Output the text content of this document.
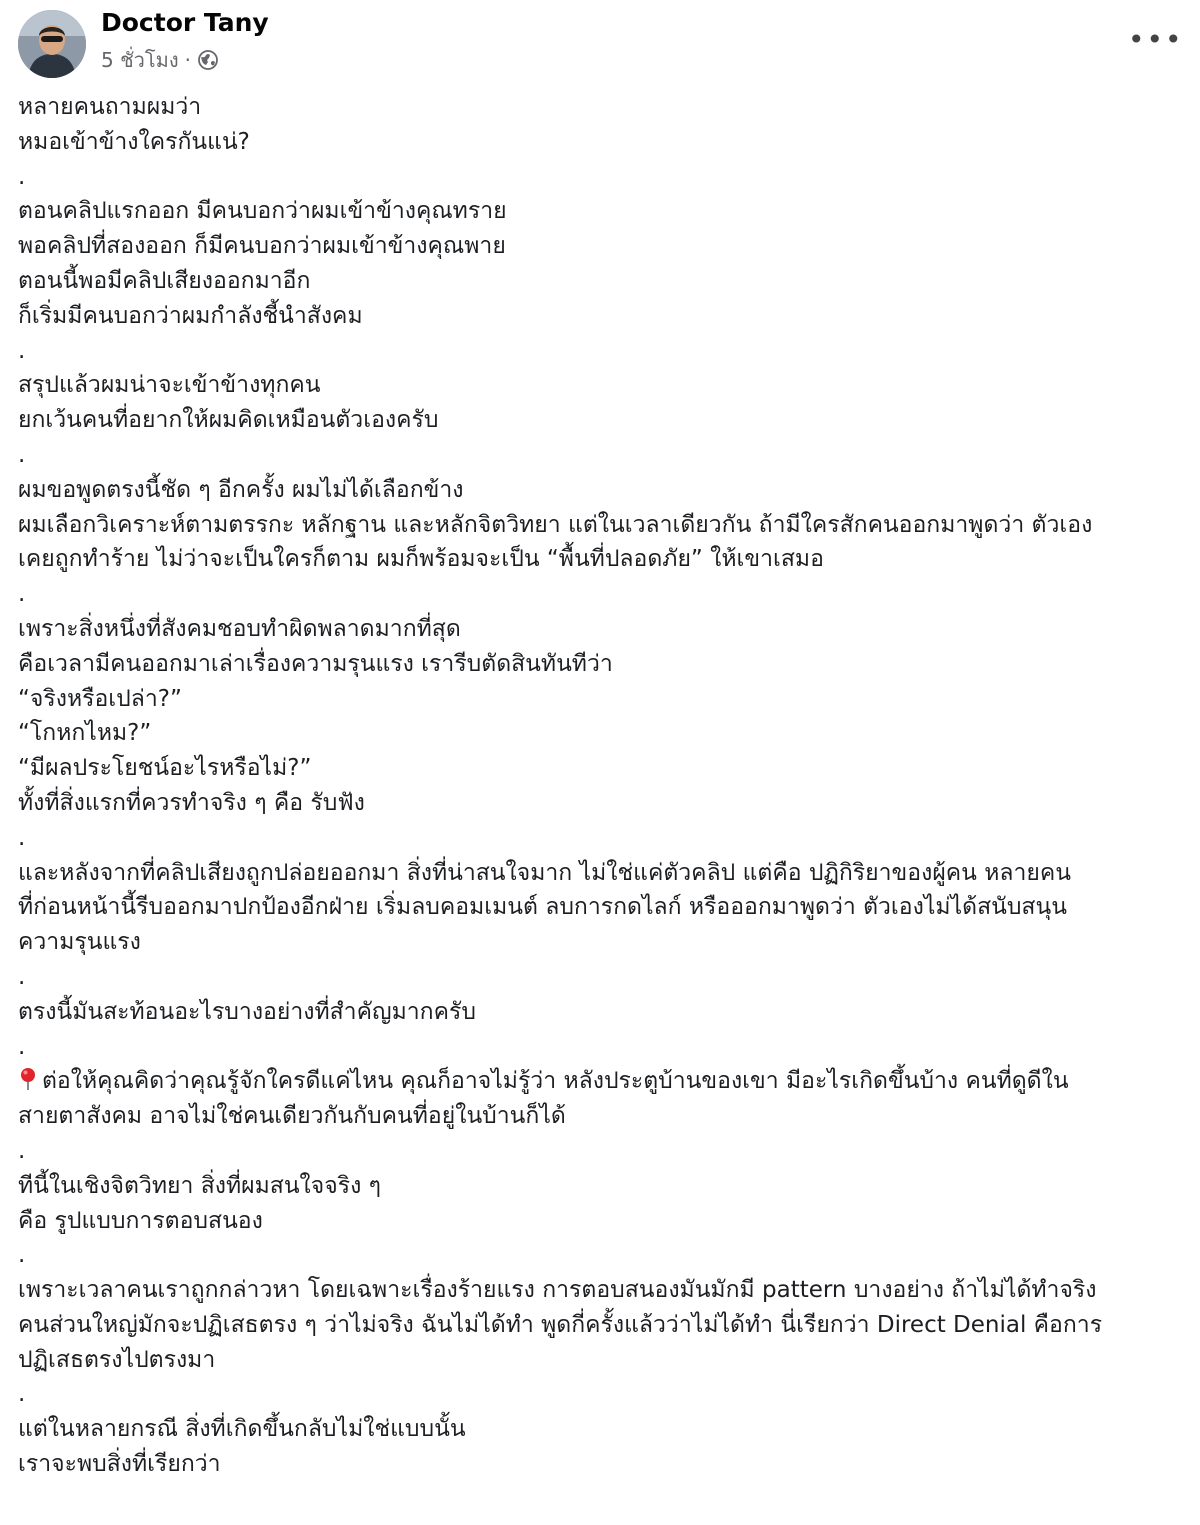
Doctor Tany
5 ชั่วโมง ·
•••

หลายคนถามผมว่า
หมอเข้าข้างใครกันแน่?
.

ตอนคลิปแรกออก มีคนบอกว่าผมเข้าข้างคุณทราย
พอคลิปที่สองออก ก็มีคนบอกว่าผมเข้าข้างคุณพาย
ตอนนี้พอมีคลิปเสียงออกมาอีก
ก็เริ่มมีคนบอกว่าผมกำลังชี้นำสังคม
.

สรุปแล้วผมน่าจะเข้าข้างทุกคน
ยกเว้นคนที่อยากให้ผมคิดเหมือนตัวเองครับ
.

ผมขอพูดตรงนี้ชัด ๆ อีกครั้ง ผมไม่ได้เลือกข้าง
ผมเลือกวิเคราะห์ตามตรรกะ หลักฐาน และหลักจิตวิทยา แต่ในเวลาเดียวกัน ถ้ามีใครสักคนออกมาพูดว่า ตัวเอง
เคยถูกทำร้าย ไม่ว่าจะเป็นใครก็ตาม ผมก็พร้อมจะเป็น “พื้นที่ปลอดภัย” ให้เขาเสมอ
.

เพราะสิ่งหนึ่งที่สังคมชอบทำผิดพลาดมากที่สุด
คือเวลามีคนออกมาเล่าเรื่องความรุนแรง เรารีบตัดสินทันทีว่า
“จริงหรือเปล่า?”
“โกหกไหม?”
“มีผลประโยชน์อะไรหรือไม่?”
ทั้งที่สิ่งแรกที่ควรทำจริง ๆ คือ รับฟัง
.

และหลังจากที่คลิปเสียงถูกปล่อยออกมา สิ่งที่น่าสนใจมาก ไม่ใช่แค่ตัวคลิป แต่คือ ปฏิกิริยาของผู้คน หลายคน
ที่ก่อนหน้านี้รีบออกมาปกป้องอีกฝ่าย เริ่มลบคอมเมนต์ ลบการกดไลก์ หรือออกมาพูดว่า ตัวเองไม่ได้สนับสนุน
ความรุนแรง
.

ตรงนี้มันสะท้อนอะไรบางอย่างที่สำคัญมากครับ
.

ต่อให้คุณคิดว่าคุณรู้จักใครดีแค่ไหน คุณก็อาจไม่รู้ว่า หลังประตูบ้านของเขา มีอะไรเกิดขึ้นบ้าง คนที่ดูดีใน
สายตาสังคม อาจไม่ใช่คนเดียวกันกับคนที่อยู่ในบ้านก็ได้
.

ทีนี้ในเชิงจิตวิทยา สิ่งที่ผมสนใจจริง ๆ
คือ รูปแบบการตอบสนอง
.

เพราะเวลาคนเราถูกกล่าวหา โดยเฉพาะเรื่องร้ายแรง การตอบสนองมันมักมี pattern บางอย่าง ถ้าไม่ได้ทำจริง
คนส่วนใหญ่มักจะปฏิเสธตรง ๆ ว่าไม่จริง ฉันไม่ได้ทำ พูดกี่ครั้งแล้วว่าไม่ได้ทำ นี่เรียกว่า Direct Denial คือการ
ปฏิเสธตรงไปตรงมา
.

แต่ในหลายกรณี สิ่งที่เกิดขึ้นกลับไม่ใช่แบบนั้น
เราจะพบสิ่งที่เรียกว่า
